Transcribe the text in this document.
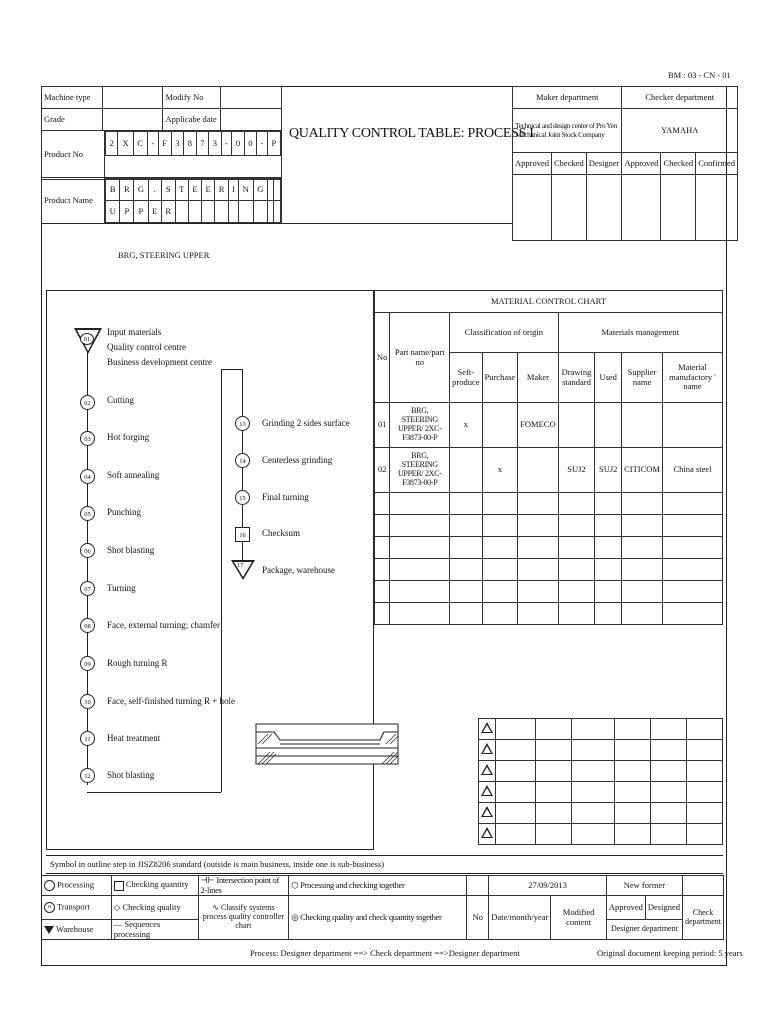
BM : 03 - CN - 01
Machine type		Modify No	
Grade		Applicabe date	
Product No	
2	X	C	-	F	3	8	7	3	-	0	0	-	P

Product Name	
B	R	G	.	S	T	E	E	R	I	N	G		
U	P	P	E	R									
QUALITY CONTROL TABLE: PROCESS I
Maker department			Checker department		
Technical and design center of Pro Yen Mechanical Joint Stock Company			YAMAHA		
Approved	Checked	Designer	Approved	Checked	Confirmed

BRG, STEERING UPPER
01
Input materials
Quality control centre
Business development centre
02	Cutting
03	Hot forging
04	Soft annealing
05	Punching
06	Shot blasting
07	Turning
08	Face, external turning; chamfer
09	Rough turning R
10	Face, self-finished turning R + hole
11	Heat treatment
12	Shot blasting
13	Grinding 2 sides surface
14	Centerless grinding
15	Final turning
16	Checksum
17 Package, warehouse
MATERIAL CONTROL CHART								
No	Part name/part no	Classification of origin			Materials management			
		Seft-produce	Purchase	Maker	Drawing standard	Used	Supplier name	Material manufactory ' name
01	BRG, STEERING UPPER/ 2XC-F3873-00-P	x		FOMECO				
02	BRG, STEERING UPPER/ 2XC-F3873-00-P		x		SUJ2	SUJ2	CITICOM	China steel

Symbol in outline step in JISZ8206 standard (outside is main business, inside one is sub-business)
Processing	Checking quantity	⊣⊢ Intersection point of 2-lines	⬡ Processing and checking together		27/09/2013		New former		
o Transport	◇ Checking quality	∿ Classify systems process quality controller chart	◎ Checking quality and check quantity together	No	Date/month/year	Modified content	Approved	Designed	Check department
Warehouse	— Sequences processing						Designer department		
Process: Designer department ==> Check department ==>Designer department	Original document keeping period: 5 years
